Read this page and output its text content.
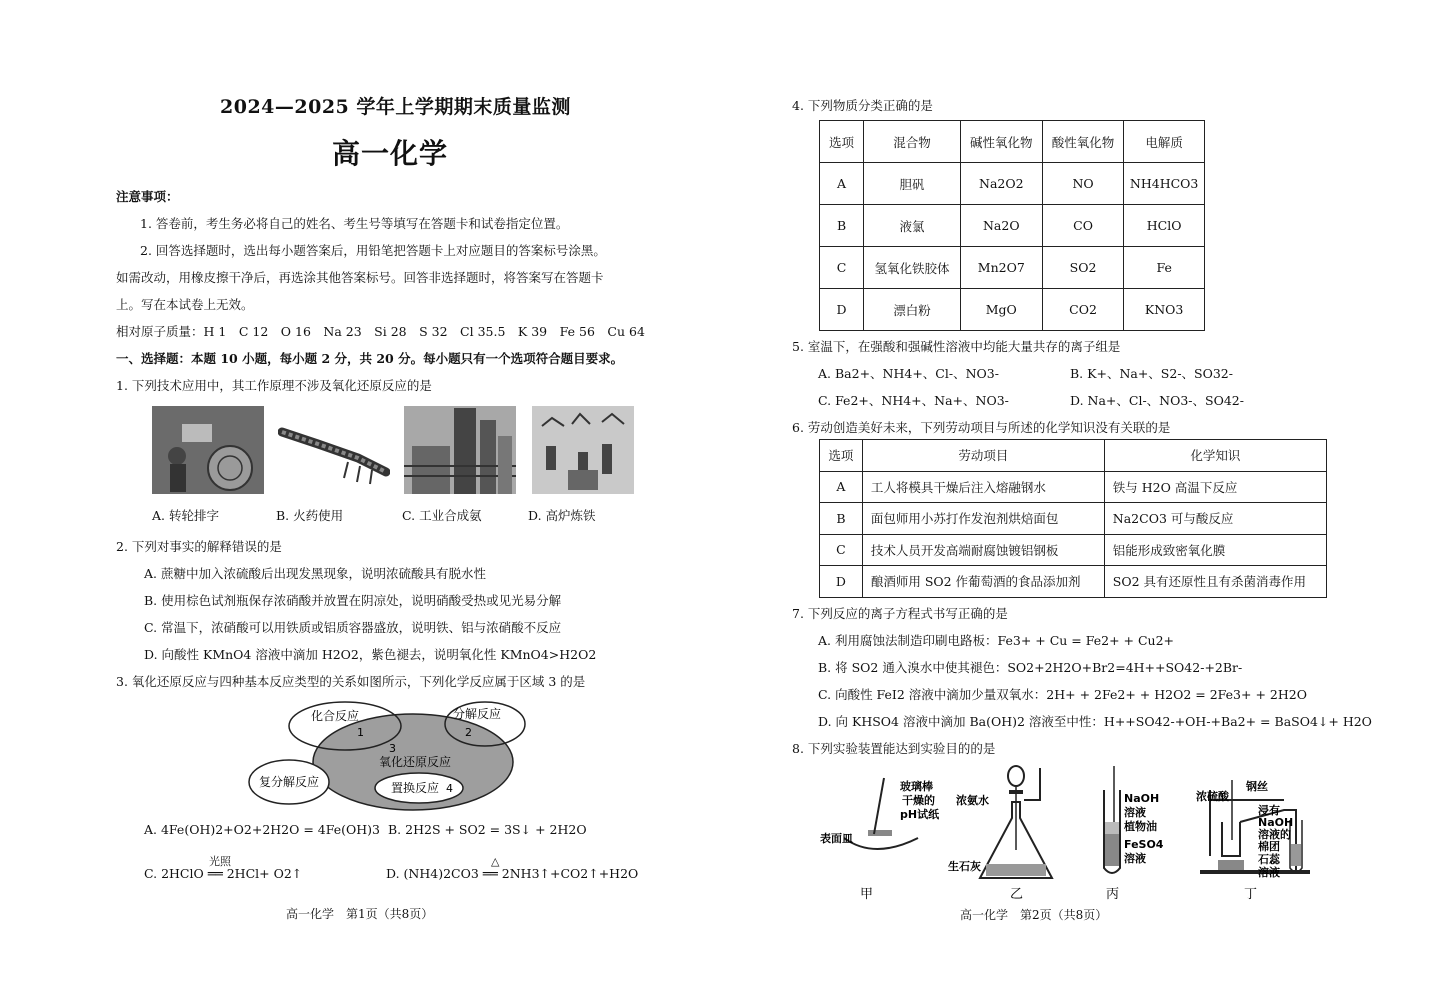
2024—2025 学年上学期期末质量监测
高一化学
注意事项：
1. 答卷前，考生务必将自己的姓名、考生号等填写在答题卡和试卷指定位置。
2. 回答选择题时，选出每小题答案后，用铅笔把答题卡上对应题目的答案标号涂黑。
如需改动，用橡皮擦干净后，再选涂其他答案标号。回答非选择题时，将答案写在答题卡
上。写在本试卷上无效。
相对原子质量：H 1　C 12　O 16　Na 23　Si 28　S 32　Cl 35.5　K 39　Fe 56　Cu 64
一、选择题：本题 10 小题，每小题 2 分，共 20 分。每小题只有一个选项符合题目要求。
1. 下列技术应用中，其工作原理不涉及氧化还原反应的是
A. 转轮排字	B. 火药使用	C. 工业合成氨	D. 高炉炼铁
2. 下列对事实的解释错误的是
A. 蔗糖中加入浓硫酸后出现发黑现象，说明浓硫酸具有脱水性
B. 使用棕色试剂瓶保存浓硝酸并放置在阴凉处，说明硝酸受热或见光易分解
C. 常温下，浓硝酸可以用铁质或铝质容器盛放，说明铁、铝与浓硝酸不反应
D. 向酸性 KMnO4 溶液中滴加 H2O2，紫色褪去，说明氧化性 KMnO4>H2O2
3. 氧化还原反应与四种基本反应类型的关系如图所示，下列化学反应属于区域 3 的是
化合反应
1
分解反应
2
3
氧化还原反应
复分解反应	置换反应 4
A. 4Fe(OH)2+O2+2H2O = 4Fe(OH)3 B. 2H2S + SO2 = 3S↓ + 2H2O
C. 2HClO ══ 2HCl+ O2↑
光照
D. (NH4)2CO3 ══ 2NH3↑+CO2↑+H2O
△
高一化学　第1页（共8页）
4. 下列物质分类正确的是
选项	混合物	碱性氧化物	酸性氧化物	电解质
A	胆矾	Na2O2	NO	NH4HCO3
B	液氯	Na2O	CO	HClO
C	氢氧化铁胶体	Mn2O7	SO2	Fe
D	漂白粉	MgO	CO2	KNO3
5. 室温下，在强酸和强碱性溶液中均能大量共存的离子组是
A. Ba2+、NH4+、Cl-、NO3-	B. K+、Na+、S2-、SO32-
C. Fe2+、NH4+、Na+、NO3-	D. Na+、Cl-、NO3-、SO42-
6. 劳动创造美好未来，下列劳动项目与所述的化学知识没有关联的是
选项	劳动项目	化学知识
A	工人将模具干燥后注入熔融钢水	铁与 H2O 高温下反应
B	面包师用小苏打作发泡剂烘焙面包	Na2CO3 可与酸反应
C	技术人员开发高端耐腐蚀镀铝钢板	铝能形成致密氧化膜
D	酿酒师用 SO2 作葡萄酒的食品添加剂	SO2 具有还原性且有杀菌消毒作用
7. 下列反应的离子方程式书写正确的是
A. 利用腐蚀法制造印刷电路板：Fe3+ + Cu = Fe2+ + Cu2+
B. 将 SO2 通入溴水中使其褪色：SO2+2H2O+Br2=4H++SO42-+2Br-
C. 向酸性 FeI2 溶液中滴加少量双氧水：2H+ + 2Fe2+ + H2O2 = 2Fe3+ + 2H2O
D. 向 KHSO4 溶液中滴加 Ba(OH)2 溶液至中性：H++SO42-+OH-+Ba2+ = BaSO4↓+ H2O
8. 下列实验装置能达到实验目的的是
玻璃棒
干燥的
pH试纸
表面皿
甲
浓氨水
生石灰
乙
NaOH
溶液
植物油
FeSO4
溶液
丙
浓硫酸
钢丝
浸有
NaOH
溶液的
棉团
石蕊
溶液
丁
高一化学　第2页（共8页）
